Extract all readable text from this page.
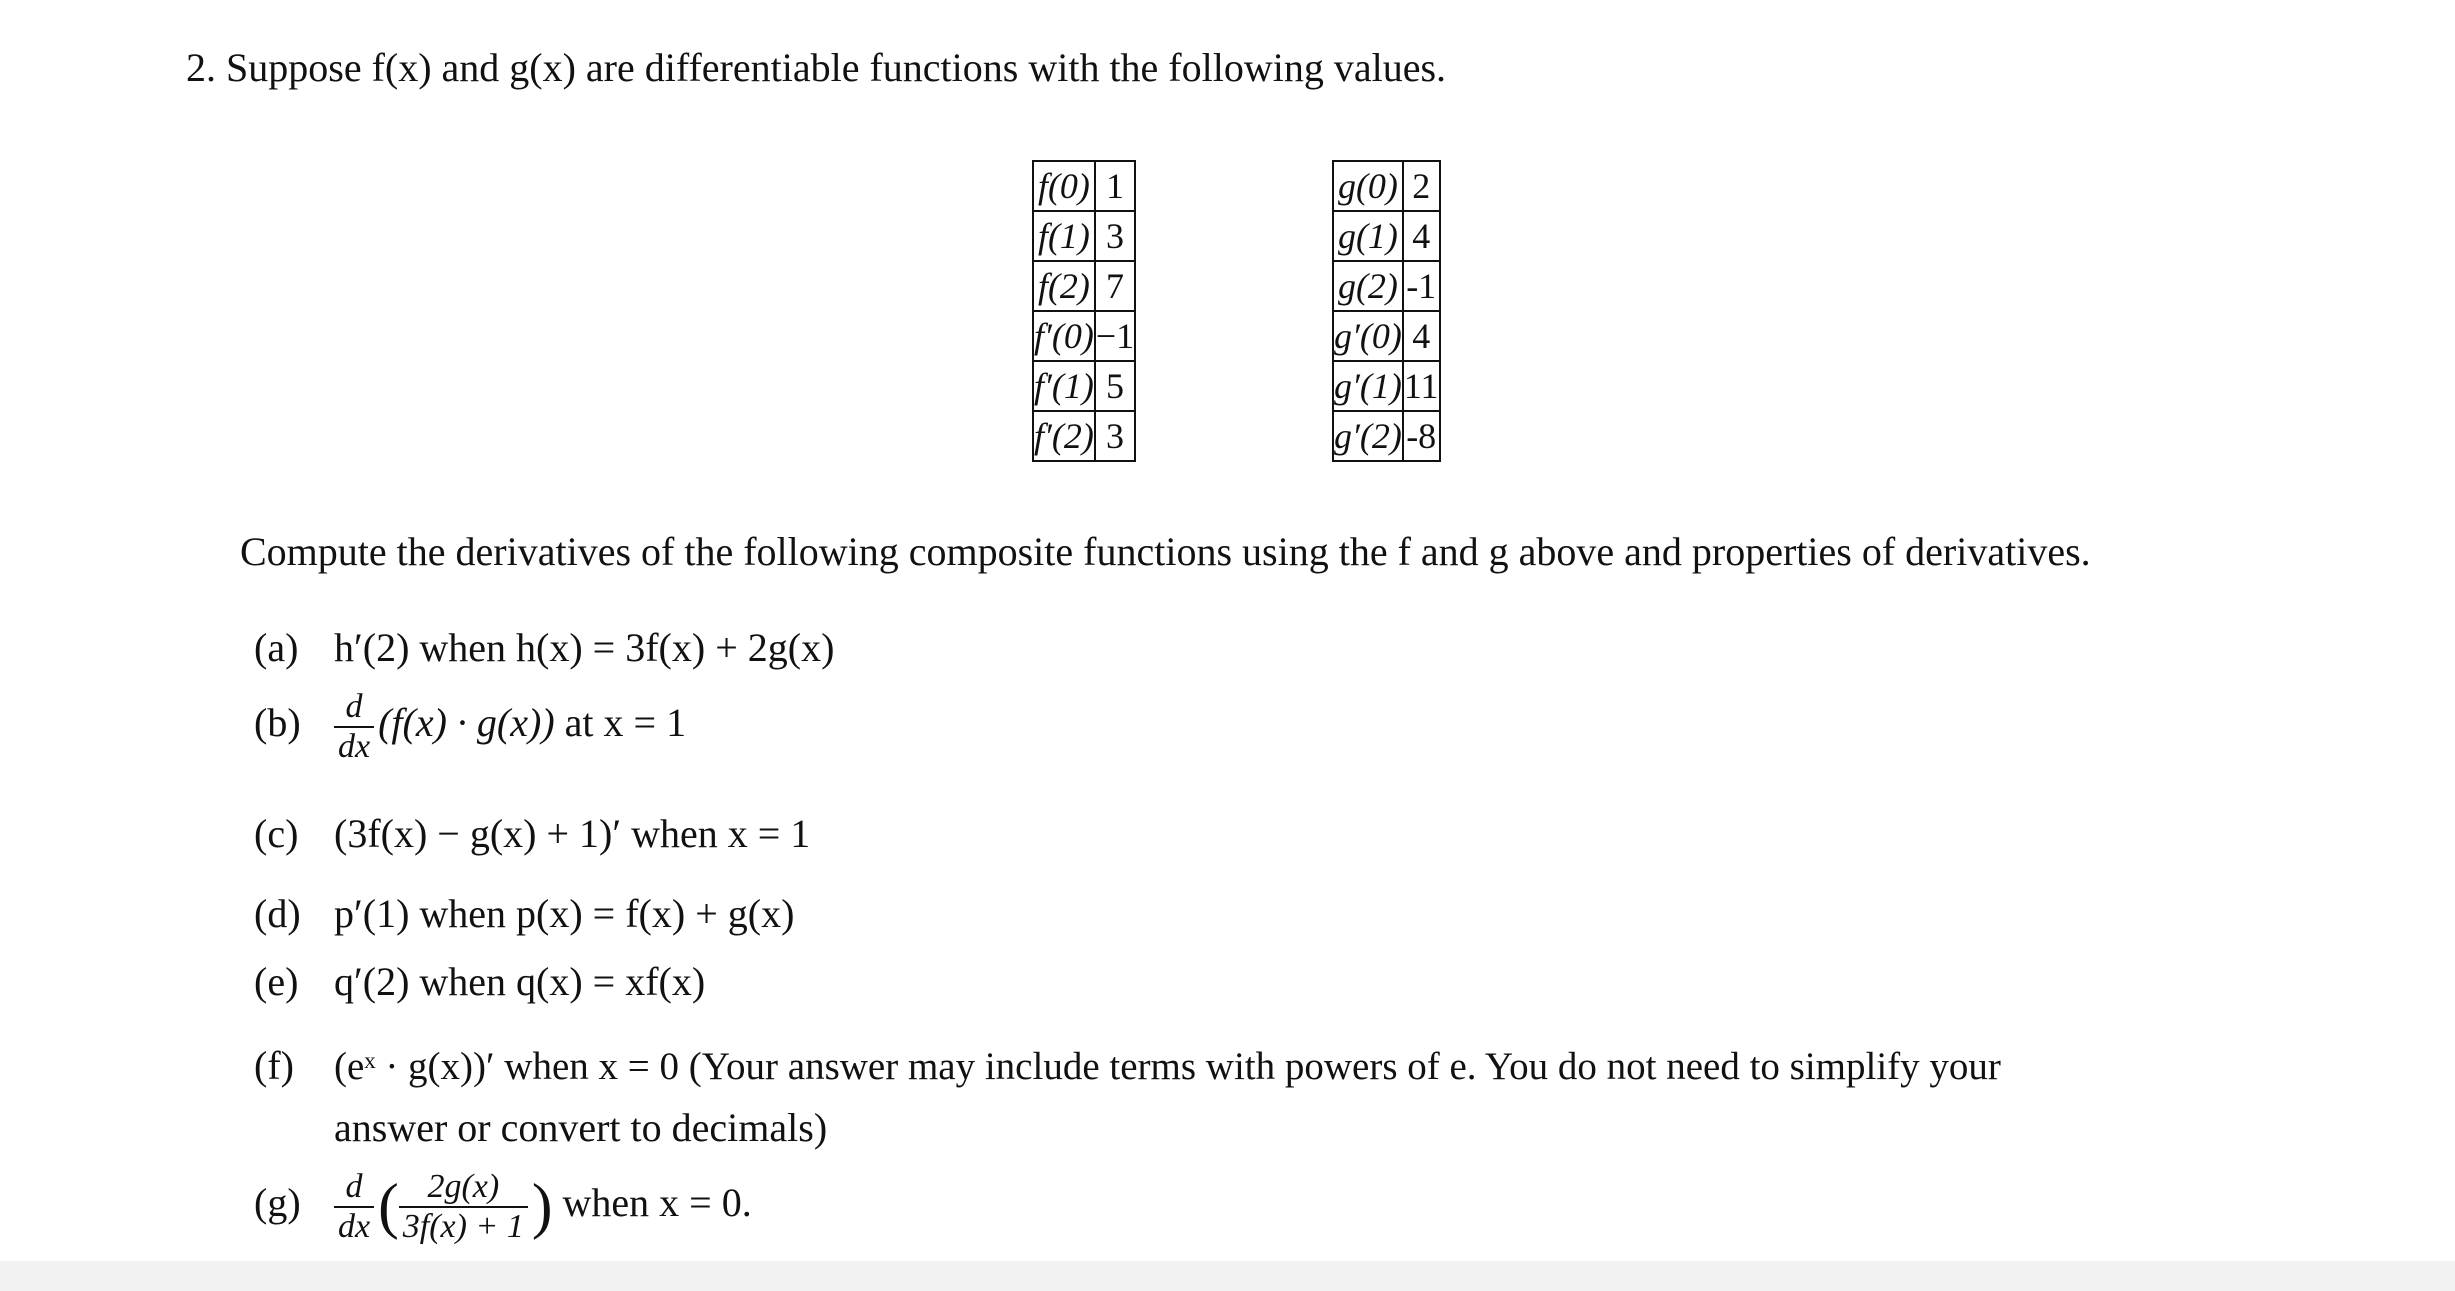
2. Suppose f(x) and g(x) are differentiable functions with the following values.
f(0)	1
f(1)	3
f(2)	7
f′(0)	−1
f′(1)	5
f′(2)	3
g(0)	2
g(1)	4
g(2)	-1
g′(0)	4
g′(1)	11
g′(2)	-8
Compute the derivatives of the following composite functions using the f and g above and properties of derivatives.
(a) h′(2) when h(x) = 3f(x) + 2g(x)
$(b) \frac{d}{dx} (f(x) \cdot g(x))$ at x = 1
(c) (3f(x) − g(x) + 1)′ when x = 1
(d) p′(1) when p(x) = f(x) + g(x)
(e) q′(2) when q(x) = xf(x)
(f) (eˣ · g(x))′ when x = 0 (Your answer may include terms with powers of e. You do not need to simplify your
answer or convert to decimals)
$(g) \frac{d}{dx}$ ( $\frac{2g(x)}{3f(x) + 1}$ ) when x = 0.
